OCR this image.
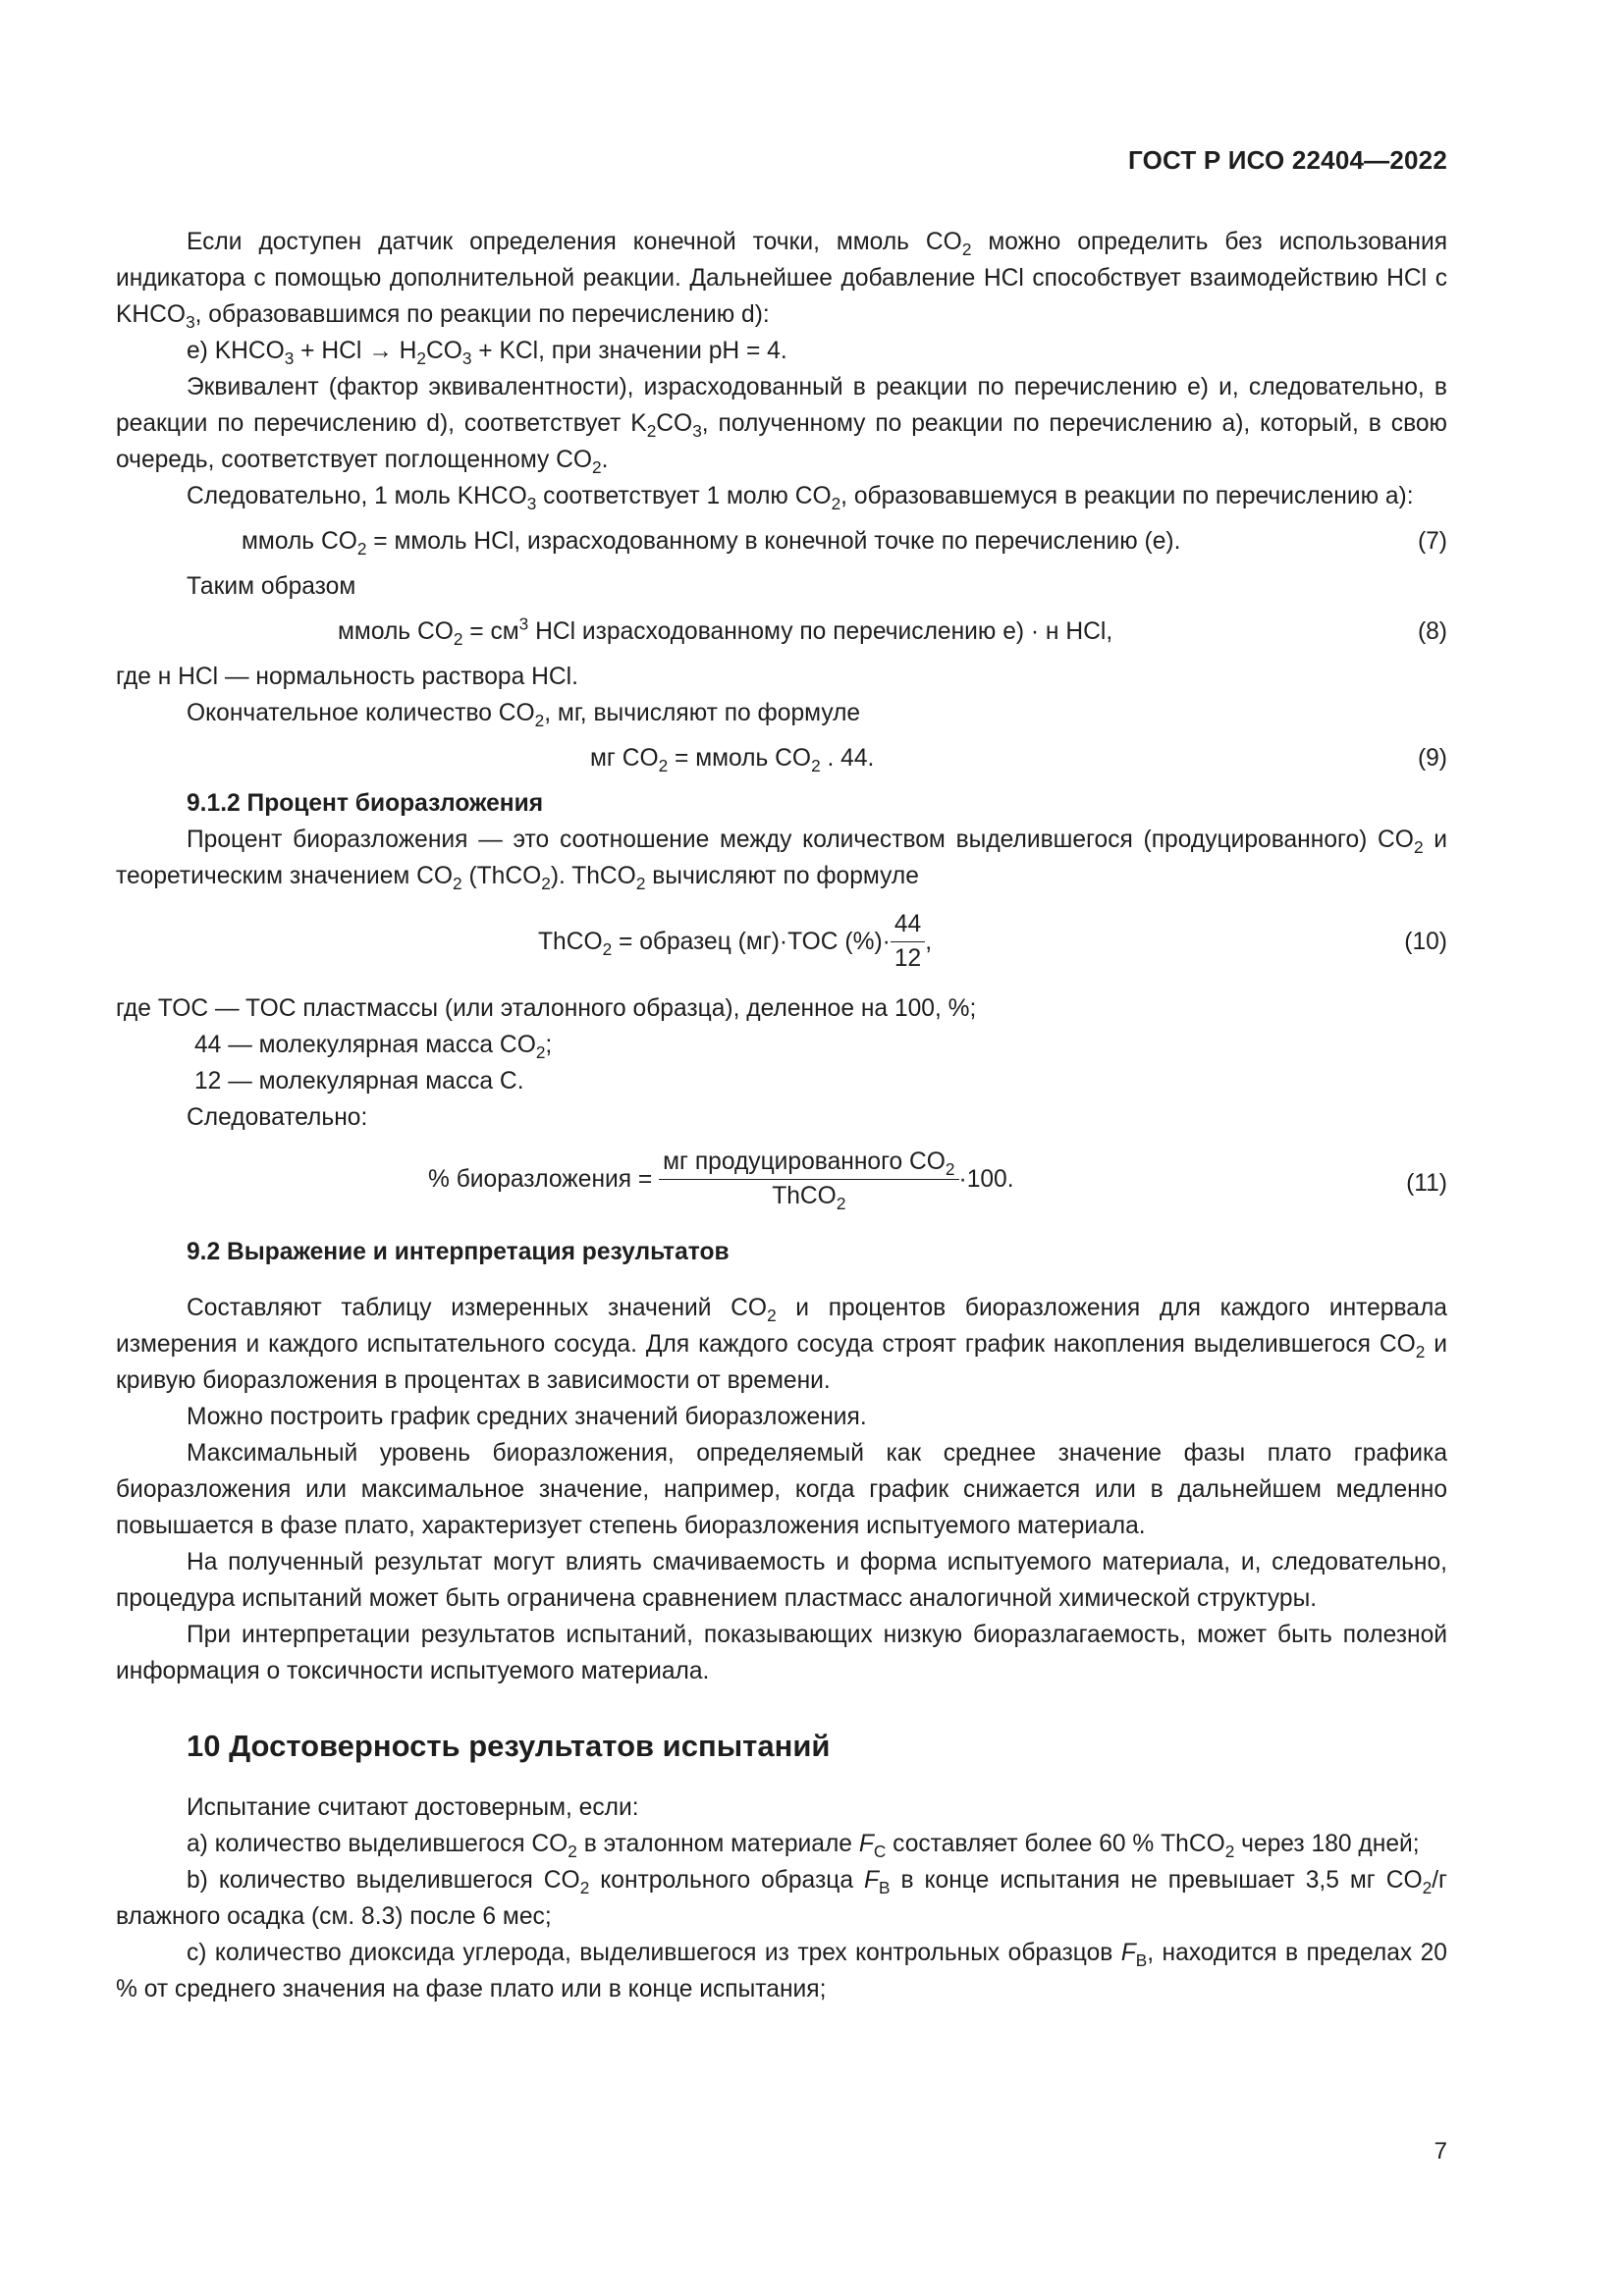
ГОСТ Р ИСО 22404—2022

Если доступен датчик определения конечной точки, ммоль $CO_2$ можно определить без использования индикатора с помощью дополнительной реакции. Дальнейшее добавление HCl способствует взаимодействию HCl с $KHCO_3$, образовавшимся по реакции по перечислению d):

e) $KHCO_3$ + HCl → $H_2CO_3$ + KCl, при значении pH = 4.

Эквивалент (фактор эквивалентности), израсходованный в реакции по перечислению е) и, следовательно, в реакции по перечислению d), соответствует $K_2CO_3$, полученному по реакции по перечислению a), который, в свою очередь, соответствует поглощенному $CO_2$.

Следовательно, 1 моль $KHCO_3$ соответствует 1 молю $CO_2$, образовавшемуся в реакции по перечислению а):

ммоль $CO_2$ = ммоль HCl, израсходованному в конечной точке по перечислению (е).	(7)

Таким образом

ммоль $CO_2 = см^3$ HCl израсходованному по перечислению e) · н HCl,	(8)

где н HCl — нормальность раствора HCl.

Окончательное количество $CO_2$, мг, вычисляют по формуле

мг $CO_2$ = ммоль $CO_2$ . 44.	(9)

9.1.2 Процент биоразложения

Процент биоразложения — это соотношение между количеством выделившегося (продуцированного) $CO_2$ и теоретическим значением $CO_2$ (ThCO$_2$). ThCO$_2$ вычисляют по формуле

ThCO$_2$ = образец (мг)·TOC (%)· $\frac{44}{12}$ ,	(10)

где TOC — TOC пластмассы (или эталонного образца), деленное на 100, %;

44 — молекулярная масса $CO_2$;

12 — молекулярная масса C.

Следовательно:

% биоразложения = $\frac{мг продуцированного CO_2}{ThCO_2} \cdot 100$.	(11)

9.2 Выражение и интерпретация результатов

Составляют таблицу измеренных значений $CO_2$ и процентов биоразложения для каждого интервала измерения и каждого испытательного сосуда. Для каждого сосуда строят график накопления выделившегося $CO_2$ и кривую биоразложения в процентах в зависимости от времени.

Можно построить график средних значений биоразложения.

Максимальный уровень биоразложения, определяемый как среднее значение фазы плато графика биоразложения или максимальное значение, например, когда график снижается или в дальнейшем медленно повышается в фазе плато, характеризует степень биоразложения испытуемого материала.

На полученный результат могут влиять смачиваемость и форма испытуемого материала, и, следовательно, процедура испытаний может быть ограничена сравнением пластмасс аналогичной химической структуры.

При интерпретации результатов испытаний, показывающих низкую биоразлагаемость, может быть полезной информация о токсичности испытуемого материала.

10 Достоверность результатов испытаний

Испытание считают достоверным, если:

a) количество выделившегося $CO_2$ в эталонном материале $F_C$ составляет более 60 % ThCO$_2$ через 180 дней;

b) количество выделившегося $CO_2$ контрольного образца $F_B$ в конце испытания не превышает 3,5 мг $CO_2/г$ влажного осадка (см. 8.3) после 6 мес;

c) количество диоксида углерода, выделившегося из трех контрольных образцов $F_B$, находится в пределах 20 % от среднего значения на фазе плато или в конце испытания;

7
